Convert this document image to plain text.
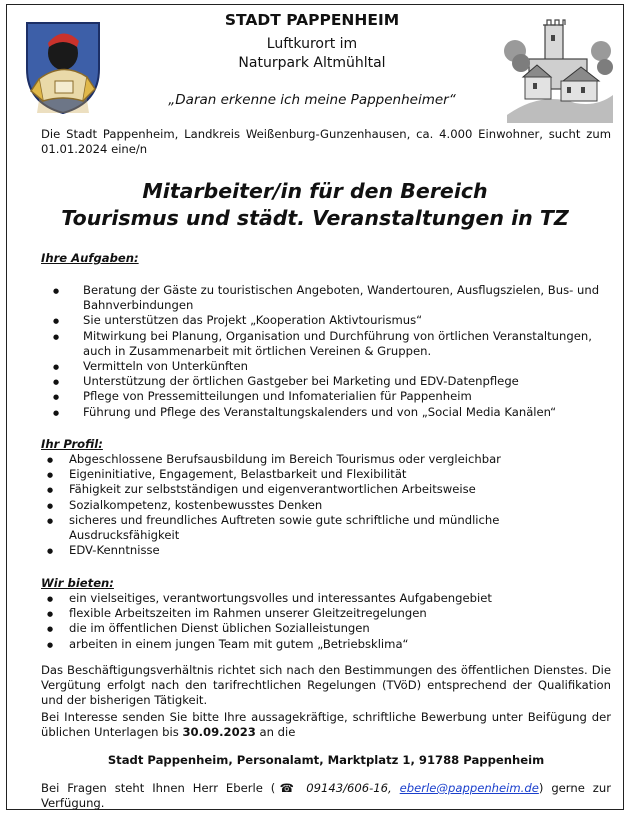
STADT PAPPENHEIM
Luftkurort im
Naturpark Altmühltal
„Daran erkenne ich meine Pappenheimer“
Die Stadt Pappenheim, Landkreis Weißenburg-Gunzenhausen, ca. 4.000 Einwohner, sucht zum 01.01.2024 eine/n
Mitarbeiter/in für den Bereich
Tourismus und städt. Veranstaltungen in TZ
Ihre Aufgaben:
● Beratung der Gäste zu touristischen Angeboten, Wandertouren, Ausflugszielen, Bus- und Bahnverbindungen
● Sie unterstützen das Projekt „Kooperation Aktivtourismus“
● Mitwirkung bei Planung, Organisation und Durchführung von örtlichen Veranstaltungen, auch in Zusammenarbeit mit örtlichen Vereinen & Gruppen.
● Vermitteln von Unterkünften
● Unterstützung der örtlichen Gastgeber bei Marketing und EDV-Datenpflege
● Pflege von Pressemitteilungen und Infomaterialien für Pappenheim
● Führung und Pflege des Veranstaltungskalenders und von „Social Media Kanälen“
Ihr Profil:
● Abgeschlossene Berufsausbildung im Bereich Tourismus oder vergleichbar
● Eigeninitiative, Engagement, Belastbarkeit und Flexibilität
● Fähigkeit zur selbstständigen und eigenverantwortlichen Arbeitsweise
● Sozialkompetenz, kostenbewusstes Denken
● sicheres und freundliches Auftreten sowie gute schriftliche und mündliche Ausdrucksfähigkeit
● EDV-Kenntnisse
Wir bieten:
● ein vielseitiges, verantwortungsvolles und interessantes Aufgabengebiet
● flexible Arbeitszeiten im Rahmen unserer Gleitzeitregelungen
● die im öffentlichen Dienst üblichen Sozialleistungen
● arbeiten in einem jungen Team mit gutem „Betriebsklima“
Das Beschäftigungsverhältnis richtet sich nach den Bestimmungen des öffentlichen Dienstes. Die Vergütung erfolgt nach den tarifrechtlichen Regelungen (TVöD) entsprechend der Qualifikation und der bisherigen Tätigkeit.
Bei Interesse senden Sie bitte Ihre aussagekräftige, schriftliche Bewerbung unter Beifügung der üblichen Unterlagen bis 30.09.2023 an die
Stadt Pappenheim, Personalamt, Marktplatz 1, 91788 Pappenheim
Bei Fragen steht Ihnen Herr Eberle (☎ 09143/606-16, eberle@pappenheim.de) gerne zur Verfügung.
